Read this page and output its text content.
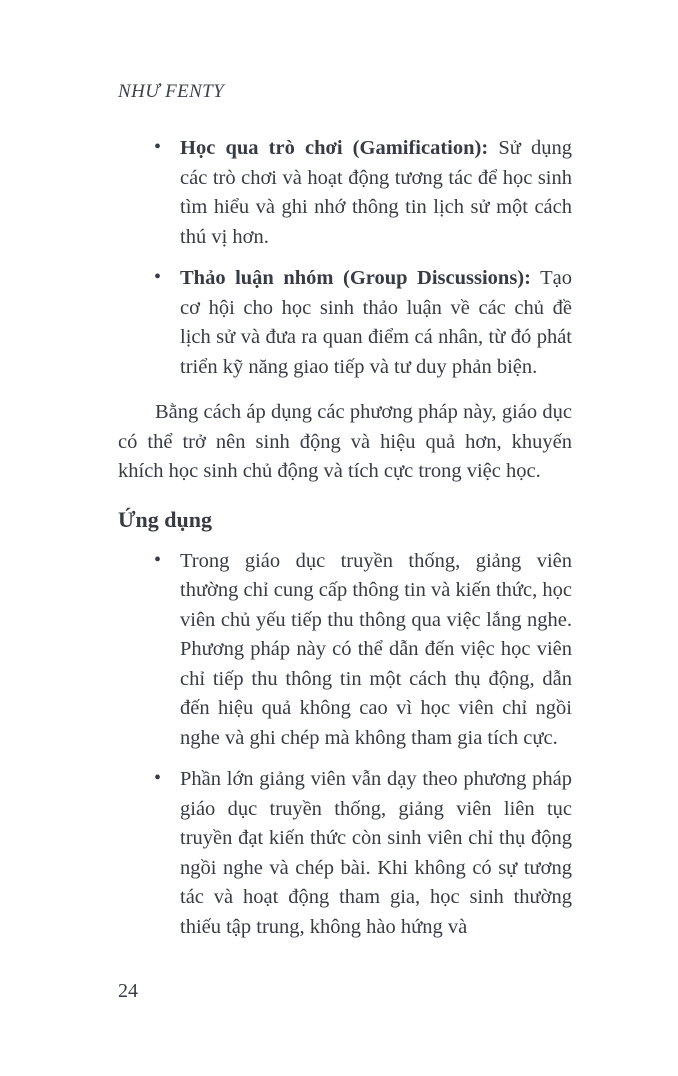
NHƯ FENTY
• Học qua trò chơi (Gamification): Sử dụng các trò chơi và hoạt động tương tác để học sinh tìm hiểu và ghi nhớ thông tin lịch sử một cách thú vị hơn.
• Thảo luận nhóm (Group Discussions): Tạo cơ hội cho học sinh thảo luận về các chủ đề lịch sử và đưa ra quan điểm cá nhân, từ đó phát triển kỹ năng giao tiếp và tư duy phản biện.

Bằng cách áp dụng các phương pháp này, giáo dục có thể trở nên sinh động và hiệu quả hơn, khuyến khích học sinh chủ động và tích cực trong việc học.

Ứng dụng
• Trong giáo dục truyền thống, giảng viên thường chỉ cung cấp thông tin và kiến thức, học viên chủ yếu tiếp thu thông qua việc lắng nghe. Phương pháp này có thể dẫn đến việc học viên chỉ tiếp thu thông tin một cách thụ động, dẫn đến hiệu quả không cao vì học viên chỉ ngồi nghe và ghi chép mà không tham gia tích cực.
• Phần lớn giảng viên vẫn dạy theo phương pháp giáo dục truyền thống, giảng viên liên tục truyền đạt kiến thức còn sinh viên chỉ thụ động ngồi nghe và chép bài. Khi không có sự tương tác và hoạt động tham gia, học sinh thường thiếu tập trung, không hào hứng và
24
